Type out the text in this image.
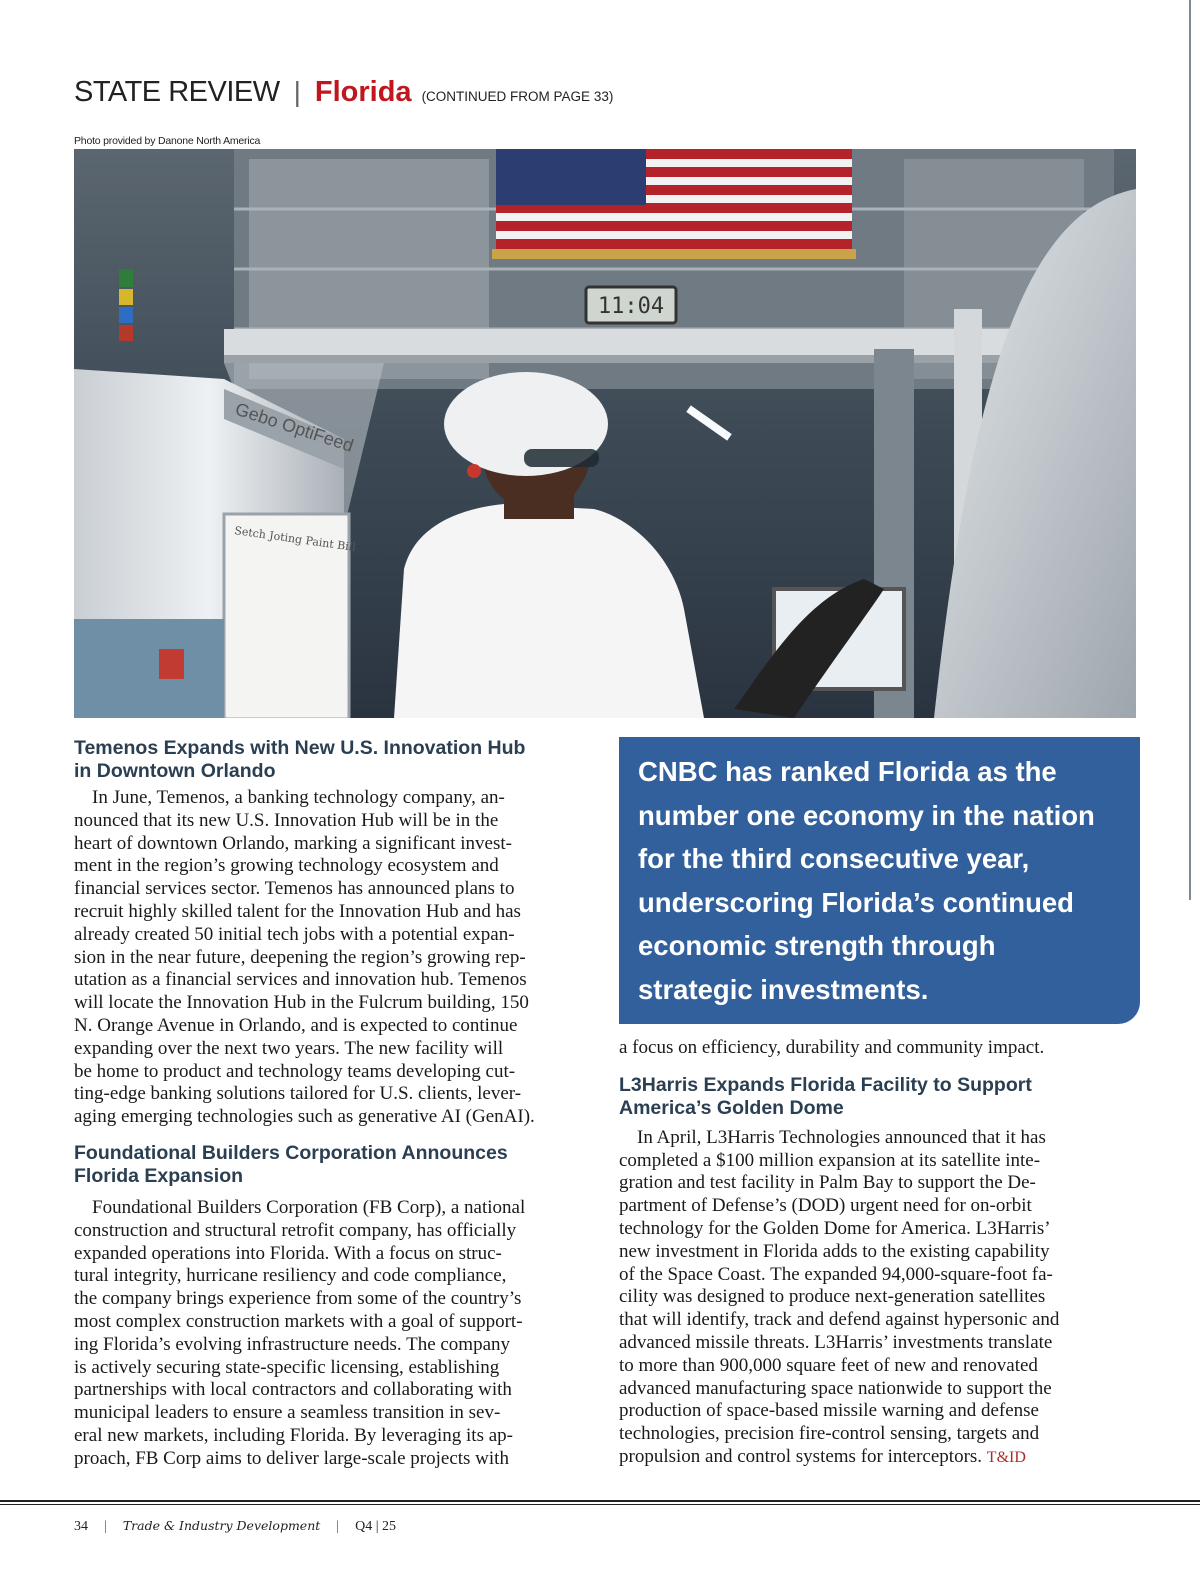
STATE REVIEW | Florida (CONTINUED FROM PAGE 33)
Photo provided by Danone North America
11:04
Gebo OptiFeed
Setch Joting Paint Bill
Temenos Expands with New U.S. Innovation Hub
in Downtown Orlando
In June, Temenos, a banking technology company, an-
nounced that its new U.S. Innovation Hub will be in the
heart of downtown Orlando, marking a significant invest-
ment in the region’s growing technology ecosystem and
financial services sector. Temenos has announced plans to
recruit highly skilled talent for the Innovation Hub and has
already created 50 initial tech jobs with a potential expan-
sion in the near future, deepening the region’s growing rep-
utation as a financial services and innovation hub. Temenos
will locate the Innovation Hub in the Fulcrum building, 150
N. Orange Avenue in Orlando, and is expected to continue
expanding over the next two years. The new facility will
be home to product and technology teams developing cut-
ting-edge banking solutions tailored for U.S. clients, lever-
aging emerging technologies such as generative AI (GenAI).
Foundational Builders Corporation Announces
Florida Expansion
Foundational Builders Corporation (FB Corp), a national
construction and structural retrofit company, has officially
expanded operations into Florida. With a focus on struc-
tural integrity, hurricane resiliency and code compliance,
the company brings experience from some of the country’s
most complex construction markets with a goal of support-
ing Florida’s evolving infrastructure needs. The company
is actively securing state-specific licensing, establishing
partnerships with local contractors and collaborating with
municipal leaders to ensure a seamless transition in sev-
eral new markets, including Florida. By leveraging its ap-
proach, FB Corp aims to deliver large-scale projects with
CNBC has ranked Florida as the
number one economy in the nation
for the third consecutive year,
underscoring Florida’s continued
economic strength through
strategic investments.
a focus on efficiency, durability and community impact.
L3Harris Expands Florida Facility to Support
America’s Golden Dome
In April, L3Harris Technologies announced that it has
completed a $100 million expansion at its satellite inte-
gration and test facility in Palm Bay to support the De-
partment of Defense’s (DOD) urgent need for on-orbit
technology for the Golden Dome for America. L3Harris’
new investment in Florida adds to the existing capability
of the Space Coast. The expanded 94,000-square-foot fa-
cility was designed to produce next-generation satellites
that will identify, track and defend against hypersonic and
advanced missile threats. L3Harris’ investments translate
to more than 900,000 square feet of new and renovated
advanced manufacturing space nationwide to support the
production of space-based missile warning and defense
technologies, precision fire-control sensing, targets and
propulsion and control systems for interceptors. T&ID
34 | Trade & Industry Development | Q4 | 25
